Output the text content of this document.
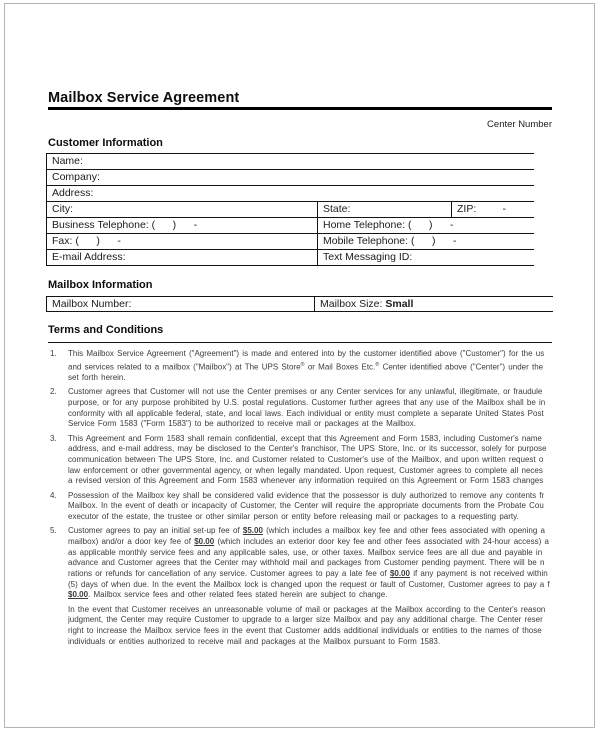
Mailbox Service Agreement
Center Number
Customer Information
Name:
Company:
Address:
City:	State:	ZIP:         -
Business Telephone: (      )      -	Home Telephone: (      )      -
Fax: (      )      -	Mobile Telephone: (      )      -
E-mail Address:	Text Messaging ID:
Mailbox Information
Mailbox Number:	Mailbox Size: Small
Terms and Conditions
1.	This Mailbox Service Agreement ("Agreement") is made and entered into by the customer identified above ("Customer") for the us
and services related to a mailbox ("Mailbox") at The UPS Store® or Mail Boxes Etc.® Center identified above ("Center") under the
set forth herein.
2.	Customer agrees that Customer will not use the Center premises or any Center services for any unlawful, illegitimate, or fraudule
purpose, or for any purpose prohibited by U.S. postal regulations. Customer further agrees that any use of the Mailbox shall be in
conformity with all applicable federal, state, and local laws. Each individual or entity must complete a separate United States Post
Service Form 1583 ("Form 1583") to be authorized to receive mail or packages at the Mailbox.
3.	This Agreement and Form 1583 shall remain confidential, except that this Agreement and Form 1583, including Customer's name
address, and e-mail address, may be disclosed to the Center's franchisor, The UPS Store, Inc. or its successor, solely for purpose
communication between The UPS Store, Inc. and Customer related to Customer's use of the Mailbox, and upon written request o
law enforcement or other governmental agency, or when legally mandated. Upon request, Customer agrees to complete all neces
a revised version of this Agreement and Form 1583 whenever any information required on this Agreement or Form 1583 changes
4.	Possession of the Mailbox key shall be considered valid evidence that the possessor is duly authorized to remove any contents fr
Mailbox. In the event of death or incapacity of Customer, the Center will require the appropriate documents from the Probate Cou
executor of the estate, the trustee or other similar person or entity before releasing mail or packages to a requesting party.
5.	Customer agrees to pay an initial set-up fee of $5.00 (which includes a mailbox key fee and other fees associated with opening a
mailbox) and/or a door key fee of $0.00 (which includes an exterior door key fee and other fees associated with 24-hour access) a
as applicable monthly service fees and any applicable sales, use, or other taxes. Mailbox service fees are all due and payable in
advance and Customer agrees that the Center may withhold mail and packages from Customer pending payment. There will be n
rations or refunds for cancellation of any service. Customer agrees to pay a late fee of $0.00 if any payment is not received within
(5) days of when due. In the event the Mailbox lock is changed upon the request or fault of Customer, Customer agrees to pay a f
$0.00. Mailbox service fees and other related fees stated herein are subject to change.
In the event that Customer receives an unreasonable volume of mail or packages at the Mailbox according to the Center's reason
judgment, the Center may require Customer to upgrade to a larger size Mailbox and pay any additional charge. The Center reser
right to increase the Mailbox service fees in the event that Customer adds additional individuals or entities to the names of those
individuals or entities authorized to receive mail and packages at the Mailbox pursuant to Form 1583.
